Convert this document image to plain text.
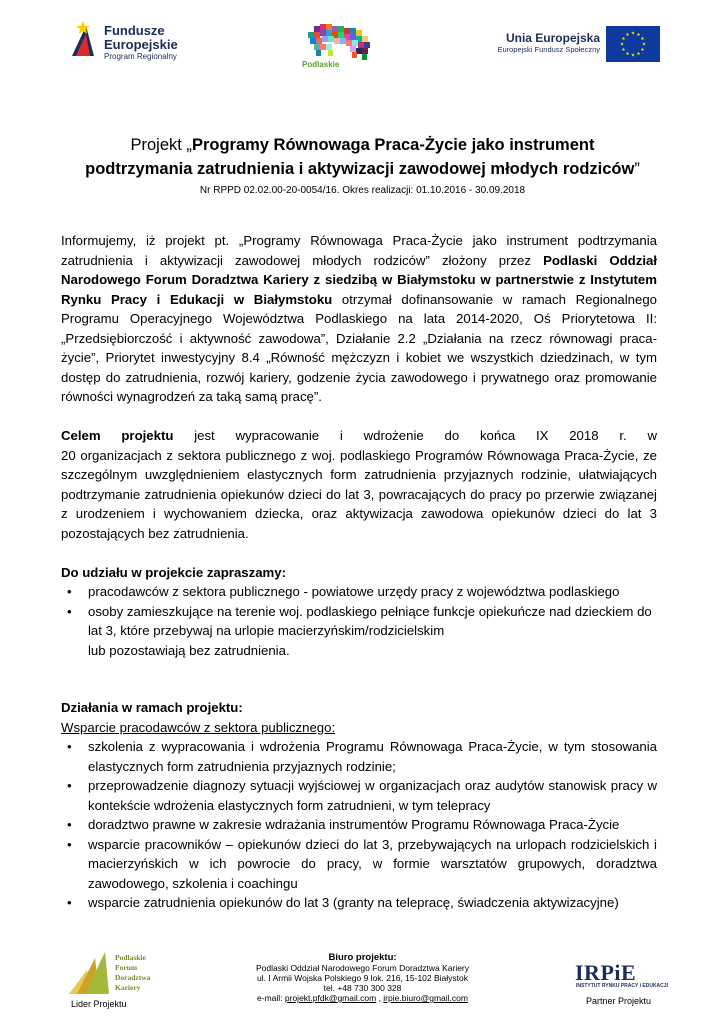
Fundusze
Europejskie
Program Regionalny
Podlaskie
Unia Europejska
Europejski Fundusz Społeczny
Projekt „Programy Równowaga Praca-Życie jako instrument
podtrzymania zatrudnienia i aktywizacji zawodowej młodych rodziców”
Nr RPPD 02.02.00-20-0054/16. Okres realizacji: 01.10.2016 - 30.09.2018

Informujemy, iż projekt pt. „Programy Równowaga Praca-Życie jako instrument podtrzymania zatrudnienia i aktywizacji zawodowej młodych rodziców” złożony przez Podlaski Oddział Narodowego Forum Doradztwa Kariery z siedzibą w Białymstoku w partnerstwie z Instytutem Rynku Pracy i Edukacji w Białymstoku otrzymał dofinansowanie w ramach Regionalnego Programu Operacyjnego Województwa Podlaskiego na lata 2014-2020, Oś Priorytetowa II: „Przedsiębiorczość i aktywność zawodowa”, Działanie 2.2 „Działania na rzecz równowagi praca-życie”, Priorytet inwestycyjny 8.4 „Równość mężczyzn i kobiet we wszystkich dziedzinach, w tym dostęp do zatrudnienia, rozwój kariery, godzenie życia zawodowego i prywatnego oraz promowanie równości wynagrodzeń za taką samą pracę”.

Celem projektu jest wypracowanie i wdrożenie do końca IX 2018 r. w

20 organizacjach z sektora publicznego z woj. podlaskiego Programów Równowaga Praca-Życie, ze szczególnym uwzględnieniem elastycznych form zatrudnienia przyjaznych rodzinie, ułatwiających podtrzymanie zatrudnienia opiekunów dzieci do lat 3, powracających do pracy po przerwie związanej z urodzeniem i wychowaniem dziecka, oraz aktywizacja zawodowa opiekunów dzieci do lat 3 pozostających bez zatrudnienia.

Do udziału w projekcie zapraszamy:
• pracodawców z sektora publicznego - powiatowe urzędy pracy z województwa podlaskiego
• osoby zamieszkujące na terenie woj. podlaskiego pełniące funkcje opiekuńcze nad dzieckiem do lat 3, które przebywaj na urlopie macierzyńskim/rodzicielskim

lub pozostawiają bez zatrudnienia.
Działania w ramach projektu:
Wsparcie pracodawców z sektora publicznego:
• szkolenia z wypracowania i wdrożenia Programu Równowaga Praca-Życie, w tym stosowania elastycznych form zatrudnienia przyjaznych rodzinie;
• przeprowadzenie diagnozy sytuacji wyjściowej w organizacjach oraz audytów stanowisk pracy w kontekście wdrożenia elastycznych form zatrudnieni, w tym telepracy
• doradztwo prawne w zakresie wdrażania instrumentów Programu Równowaga Praca-Życie
• wsparcie pracowników – opiekunów dzieci do lat 3, przebywających na urlopach rodzicielskich i macierzyńskich w ich powrocie do pracy, w formie warsztatów grupowych, doradztwa zawodowego, szkolenia i coachingu
• wsparcie zatrudnienia opiekunów do lat 3 (granty na telepracę, świadczenia aktywizacyjne)
Podlaskie
Forum
Doradztwa
Kariery
Lider Projektu
Biuro projektu:
Podlaski Oddział Narodowego Forum Doradztwa Kariery
ul. I Armii Wojska Polskiego 9 lok. 216, 15-102 Białystok
tel. +48 730 300 328
e-mail: projekt.pfdk@gmail.com , irpie.biuro@gmail.com
IRPiE
INSTYTUT RYNKU PRACY i EDUKACJI
Partner Projektu
